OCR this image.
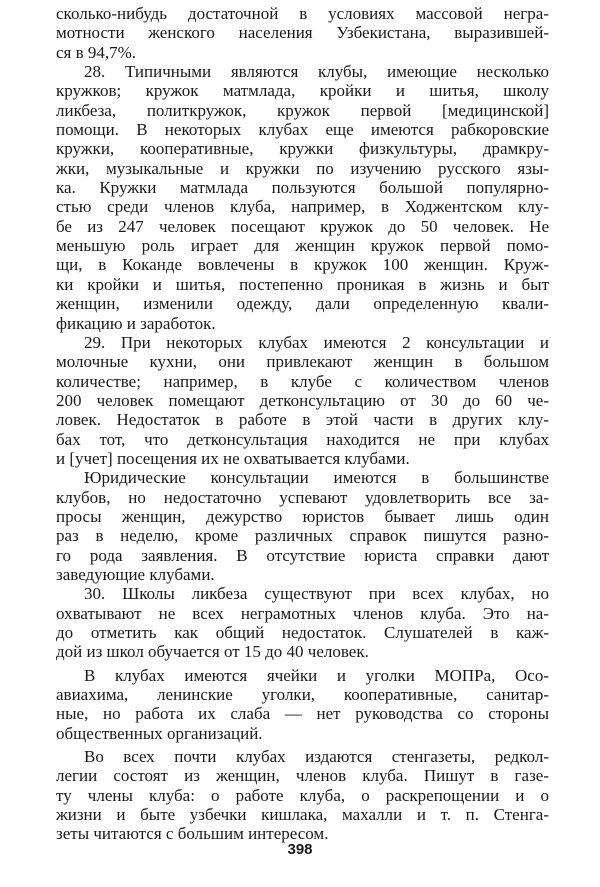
сколько-нибудь достаточной в условиях массовой негра-
мотности женского населения Узбекистана, выразившей-
ся в 94,7%.
28. Типичными являются клубы, имеющие несколько
кружков; кружок матмлада, кройки и шитья, школу
ликбеза, политкружок, кружок первой [медицинской]
помощи. В некоторых клубах еще имеются рабкоровские
кружки, кооперативные, кружки физкультуры, драмкру-
жки, музыкальные и кружки по изучению русского язы-
ка. Кружки матмлада пользуются большой популярно-
стью среди членов клуба, например, в Ходжентском клу-
бе из 247 человек посещают кружок до 50 человек. Не
меньшую роль играет для женщин кружок первой помо-
щи, в Коканде вовлечены в кружок 100 женщин. Круж-
ки кройки и шитья, постепенно проникая в жизнь и быт
женщин, изменили одежду, дали определенную квали-
фикацию и заработок.
29. При некоторых клубах имеются 2 консультации и
молочные кухни, они привлекают женщин в большом
количестве; например, в клубе с количеством членов
200 человек помещают детконсультацию от 30 до 60 че-
ловек. Недостаток в работе в этой части в других клу-
бах тот, что детконсультация находится не при клубах
и [учет] посещения их не охватывается клубами.
Юридические консультации имеются в большинстве
клубов, но недостаточно успевают удовлетворить все за-
просы женщин, дежурство юристов бывает лишь один
раз в неделю, кроме различных справок пишутся разно-
го рода заявления. В отсутствие юриста справки дают
заведующие клубами.
30. Школы ликбеза существуют при всех клубах, но
охватывают не всех неграмотных членов клуба. Это на-
до отметить как общий недостаток. Слушателей в каж-
дой из школ обучается от 15 до 40 человек.
В клубах имеются ячейки и уголки МОПРа, Осо-
авиахима, ленинские уголки, кооперативные, санитар-
ные, но работа их слаба — нет руководства со стороны
общественных организаций.
Во всех почти клубах издаются стенгазеты, редкол-
легии состоят из женщин, членов клуба. Пишут в газе-
ту члены клуба: о работе клуба, о раскрепощении и о
жизни и быте узбечки кишлака, махалли и т. п. Стенга-
зеты читаются с большим интересом.
398
